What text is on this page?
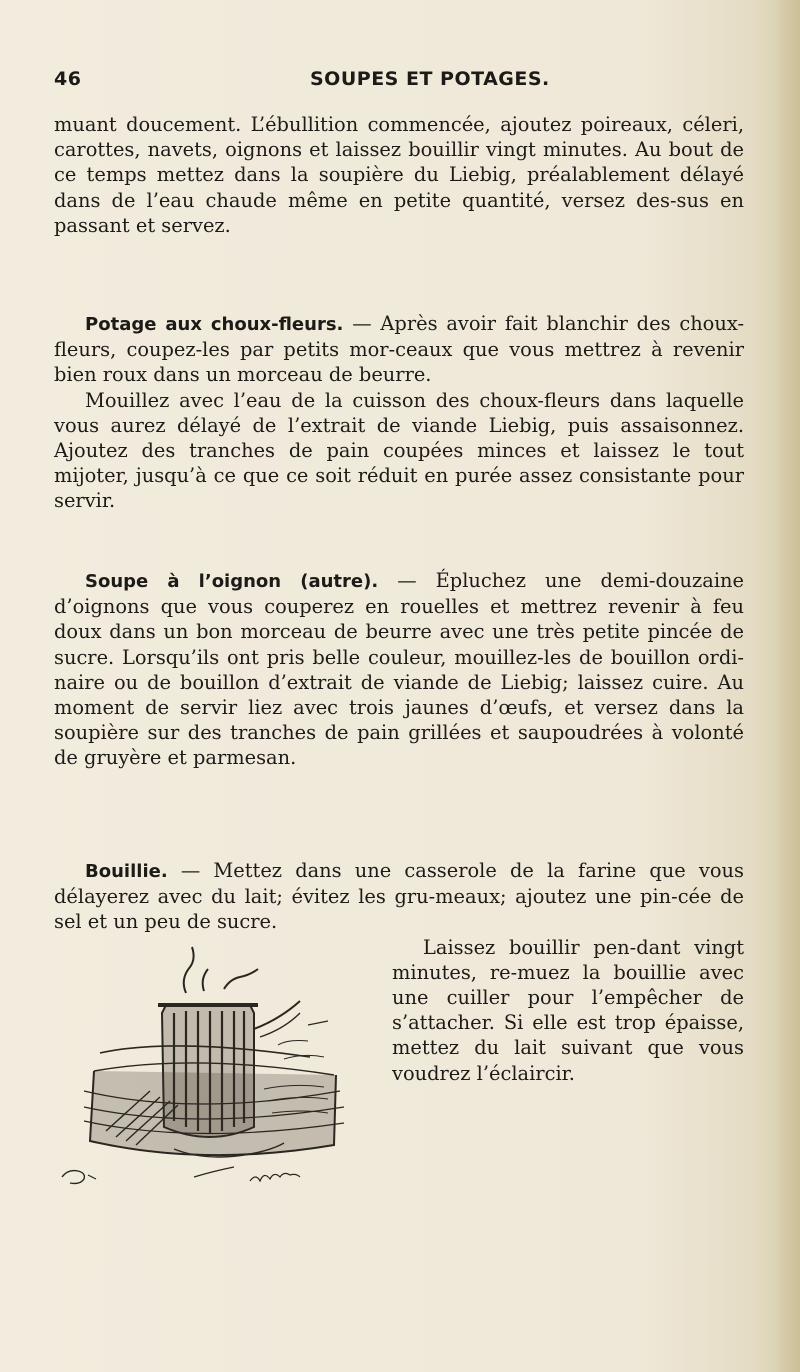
46	SOUPES ET POTAGES.

muant doucement. L’ébullition commencée, ajoutez poireaux, céleri, carottes, navets, oignons et laissez bouillir vingt minutes. Au bout de ce temps mettez dans la soupière du Liebig, préalablement délayé dans de l’eau chaude même en petite quantité, versez des-sus en passant et servez.

Potage aux choux-fleurs. — Après avoir fait blanchir des choux-fleurs, coupez-les par petits mor-ceaux que vous mettrez à revenir bien roux dans un morceau de beurre.

Mouillez avec l’eau de la cuisson des choux-fleurs dans laquelle vous aurez délayé de l’extrait de viande Liebig, puis assaisonnez. Ajoutez des tranches de pain coupées minces et laissez le tout mijoter, jusqu’à ce que ce soit réduit en purée assez consistante pour servir.

Soupe à l’oignon (autre). — Épluchez une demi-douzaine d’oignons que vous couperez en rouelles et mettrez revenir à feu doux dans un bon morceau de beurre avec une très petite pincée de sucre. Lorsqu’ils ont pris belle couleur, mouillez-les de bouillon ordi-naire ou de bouillon d’extrait de viande de Liebig; laissez cuire. Au moment de servir liez avec trois jaunes d’œufs, et versez dans la soupière sur des tranches de pain grillées et saupoudrées à volonté de gruyère et parmesan.

Bouillie. — Mettez dans une casserole de la farine que vous délayerez avec du lait; évitez les gru-meaux; ajoutez une pin-cée de sel et un peu de sucre.

Laissez bouillir pen-dant vingt minutes, re-muez la bouillie avec une cuiller pour l’empêcher de s’attacher. Si elle est trop épaisse, mettez du lait suivant que vous voudrez l’éclaircir.
